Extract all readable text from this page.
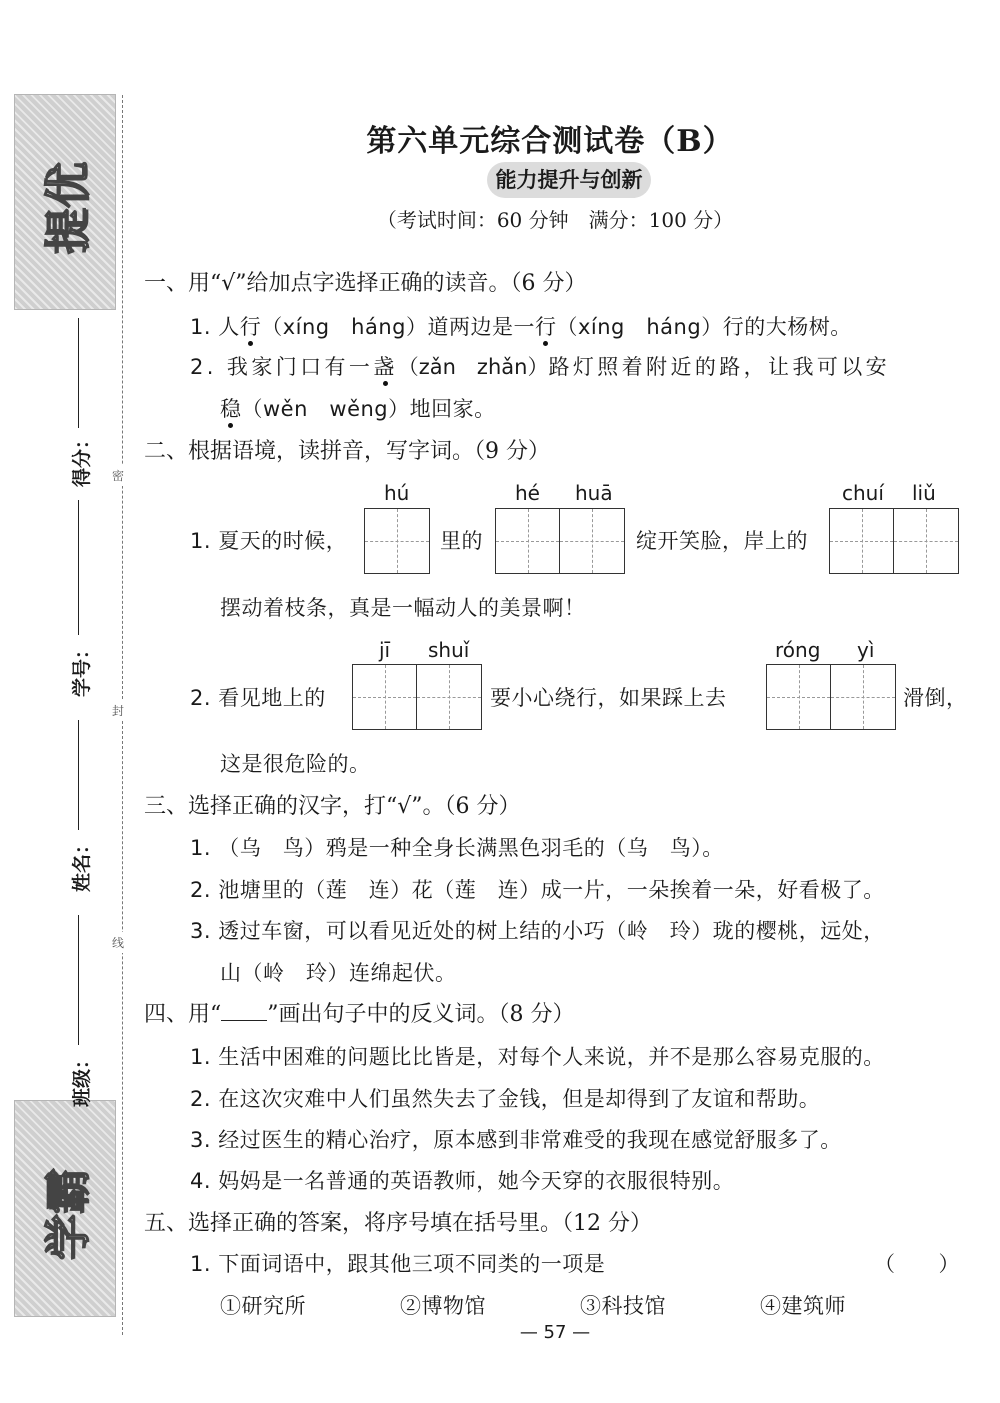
提优
学霸
得分：
学号：
姓名：
班级：
密
封
线
第六单元综合测试卷（B）
能力提升与创新
（考试时间：60 分钟　满分：100 分）
一、用“√”给加点字选择正确的读音。（6 分）
1. 人行（xíng　háng）道两边是一行（xíng　háng）行的大杨树。
2. 我家门口有一盏（zǎn　zhǎn）路灯照着附近的路，让我可以安
稳（wěn　wěng）地回家。
二、根据语境，读拼音，写字词。（9 分）
hú	hé huā	chuí liǔ
1. 夏天的时候，	里的	绽开笑脸，岸上的
摆动着枝条，真是一幅动人的美景啊！
jī shuǐ	róng yì
2. 看见地上的	要小心绕行，如果踩上去	滑倒，
这是很危险的。
三、选择正确的汉字，打“√”。（6 分）
1. （乌　鸟）鸦是一种全身长满黑色羽毛的（乌　鸟）。
2. 池塘里的（莲　连）花（莲　连）成一片，一朵挨着一朵，好看极了。
3. 透过车窗，可以看见近处的树上结的小巧（岭　玲）珑的樱桃，远处，
山（岭　玲）连绵起伏。
四、用“ ”画出句子中的反义词。（8 分）
1. 生活中困难的问题比比皆是，对每个人来说，并不是那么容易克服的。
2. 在这次灾难中人们虽然失去了金钱，但是却得到了友谊和帮助。
3. 经过医生的精心治疗，原本感到非常难受的我现在感觉舒服多了。
4. 妈妈是一名普通的英语教师，她今天穿的衣服很特别。
五、选择正确的答案，将序号填在括号里。（12 分）
1. 下面词语中，跟其他三项不同类的一项是	（　　）
①研究所	②博物馆	③科技馆	④建筑师
— 57 —
